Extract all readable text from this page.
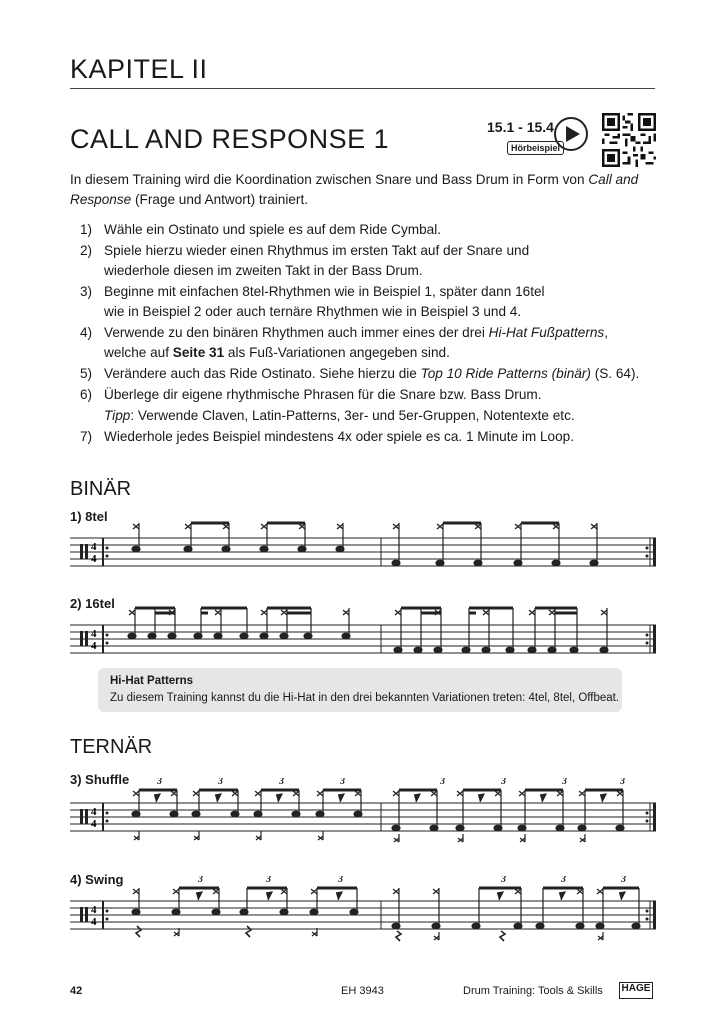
KAPITEL II
CALL AND RESPONSE 1	15.1 - 15.4
Hörbeispiel
In diesem Training wird die Koordination zwischen Snare und Bass Drum in Form von Call and Response (Frage und Antwort) trainiert.
1) Wähle ein Ostinato und spiele es auf dem Ride Cymbal.
2) Spiele hierzu wieder einen Rhythmus im ersten Takt auf der Snare und
wiederhole diesen im zweiten Takt in der Bass Drum.
3) Beginne mit einfachen 8tel-Rhythmen wie in Beispiel 1, später dann 16tel
wie in Beispiel 2 oder auch ternäre Rhythmen wie in Beispiel 3 und 4.
4) Verwende zu den binären Rhythmen auch immer eines der drei Hi-Hat Fußpatterns,
welche auf Seite 31 als Fuß-Variationen angegeben sind.
5) Verändere auch das Ride Ostinato. Siehe hierzu die Top 10 Ride Patterns (binär) (S. 64).
6) Überlege dir eigene rhythmische Phrasen für die Snare bzw. Bass Drum.
Tipp: Verwende Claven, Latin-Patterns, 3er- und 5er-Gruppen, Notentexte etc.
7) Wiederhole jedes Beispiel mindestens 4x oder spiele es ca. 1 Minute im Loop.
BINÄR
1) 8tel
4
4
2) 16tel
4
4
Hi-Hat Patterns
Zu diesem Training kannst du die Hi-Hat in den drei bekannten Variationen treten: 4tel, 8tel, Offbeat.
TERNÄR
3) Shuffle
4
4
3	3	3	3	3	3	3	3
4) Swing
4
4
3	3	3	3	3	3
42	EH 3943	Drum Training: Tools & Skills HAGE
